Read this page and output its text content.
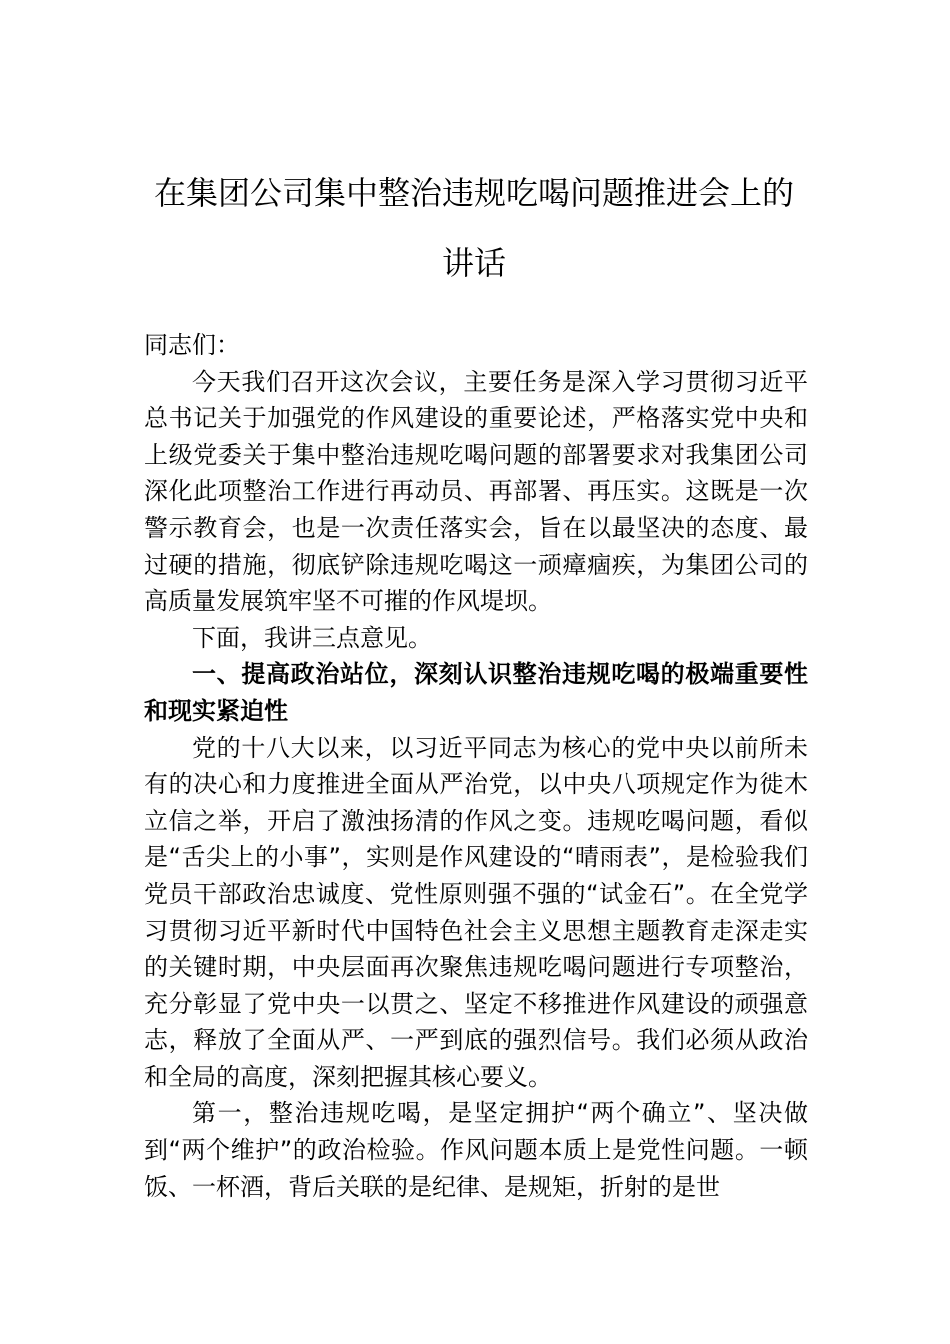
在集团公司集中整治违规吃喝问题推进会上的讲话

同志们：

今天我们召开这次会议，主要任务是深入学习贯彻习近平总书记关于加强党的作风建设的重要论述，严格落实党中央和上级党委关于集中整治违规吃喝问题的部署要求对我集团公司深化此项整治工作进行再动员、再部署、再压实。这既是一次警示教育会，也是一次责任落实会，旨在以最坚决的态度、最过硬的措施，彻底铲除违规吃喝这一顽瘴痼疾，为集团公司的高质量发展筑牢坚不可摧的作风堤坝。

下面，我讲三点意见。

一、提高政治站位，深刻认识整治违规吃喝的极端重要性和现实紧迫性

党的十八大以来，以习近平同志为核心的党中央以前所未有的决心和力度推进全面从严治党，以中央八项规定作为徙木立信之举，开启了激浊扬清的作风之变。违规吃喝问题，看似是“舌尖上的小事”，实则是作风建设的“晴雨表”，是检验我们党员干部政治忠诚度、党性原则强不强的“试金石”。在全党学习贯彻习近平新时代中国特色社会主义思想主题教育走深走实的关键时期，中央层面再次聚焦违规吃喝问题进行专项整治，充分彰显了党中央一以贯之、坚定不移推进作风建设的顽强意志，释放了全面从严、一严到底的强烈信号。我们必须从政治和全局的高度，深刻把握其核心要义。

第一，整治违规吃喝，是坚定拥护“两个确立”、坚决做到“两个维护”的政治检验。作风问题本质上是党性问题。一顿饭、一杯酒，背后关联的是纪律、是规矩，折射的是世
